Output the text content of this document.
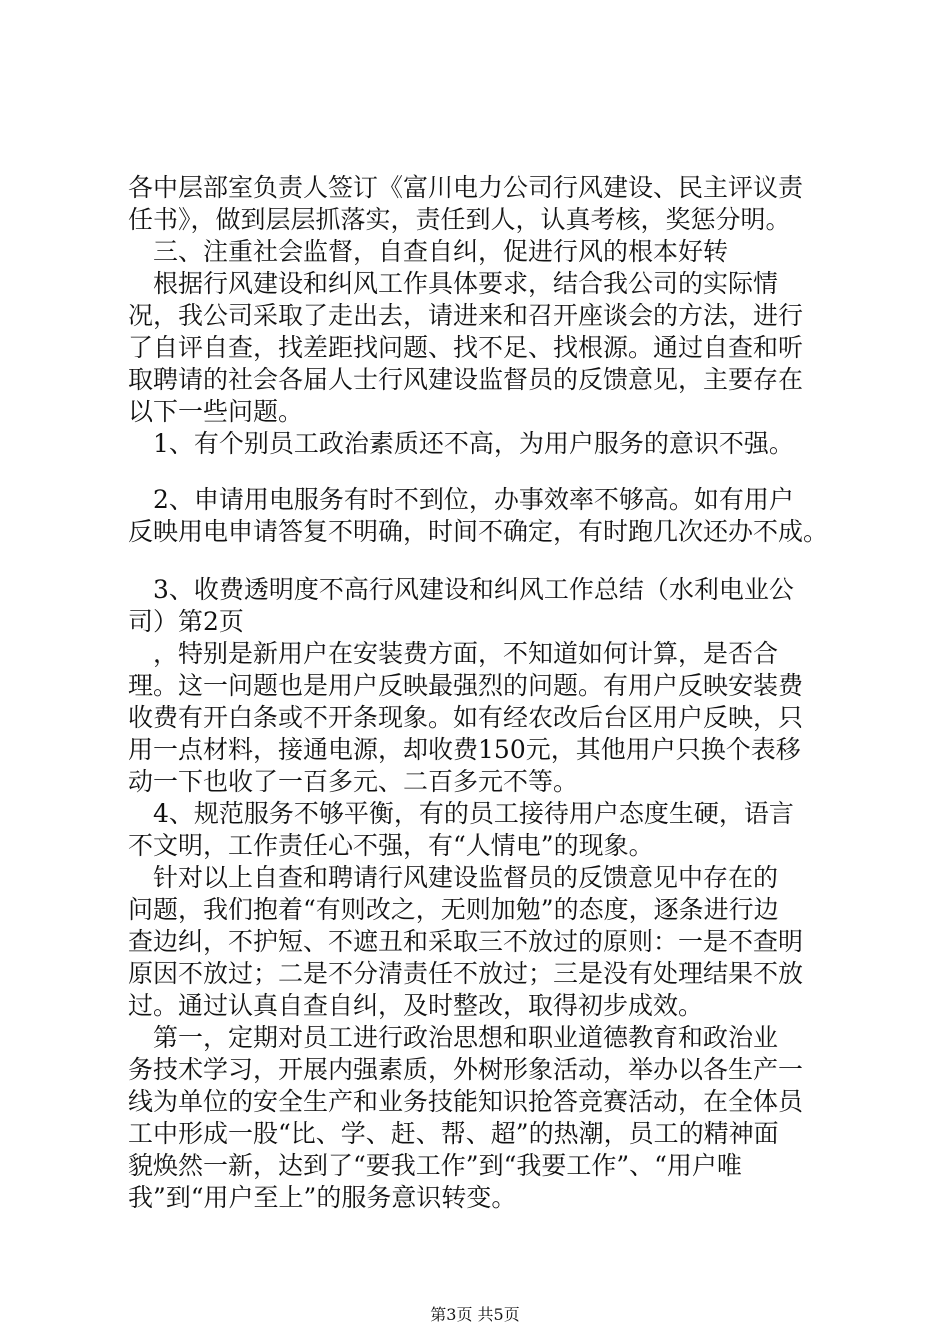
各中层部室负责人签订《富川电力公司行风建设、民主评议责

任书》，做到层层抓落实，责任到人，认真考核，奖惩分明。

　三、注重社会监督，自查自纠，促进行风的根本好转

　根据行风建设和纠风工作具体要求，结合我公司的实际情

况，我公司采取了走出去，请进来和召开座谈会的方法，进行

了自评自查，找差距找问题、找不足、找根源。通过自查和听

取聘请的社会各届人士行风建设监督员的反馈意见，主要存在

以下一些问题。

　1、有个别员工政治素质还不高，为用户服务的意识不强。

　2、申请用电服务有时不到位，办事效率不够高。如有用户

反映用电申请答复不明确，时间不确定，有时跑几次还办不成。

　3、收费透明度不高行风建设和纠风工作总结（水利电业公

司）第2页

　，特别是新用户在安装费方面，不知道如何计算，是否合

理。这一问题也是用户反映最强烈的问题。有用户反映安装费

收费有开白条或不开条现象。如有经农改后台区用户反映，只

用一点材料，接通电源，却收费150元，其他用户只换个表移

动一下也收了一百多元、二百多元不等。

　4、规范服务不够平衡，有的员工接待用户态度生硬，语言

不文明，工作责任心不强，有“人情电”的现象。

　针对以上自查和聘请行风建设监督员的反馈意见中存在的

问题，我们抱着“有则改之，无则加勉”的态度，逐条进行边

查边纠，不护短、不遮丑和采取三不放过的原则：一是不查明

原因不放过；二是不分清责任不放过；三是没有处理结果不放

过。通过认真自查自纠，及时整改，取得初步成效。

　第一，定期对员工进行政治思想和职业道德教育和政治业

务技术学习，开展内强素质，外树形象活动，举办以各生产一

线为单位的安全生产和业务技能知识抢答竞赛活动，在全体员

工中形成一股“比、学、赶、帮、超”的热潮，员工的精神面

貌焕然一新，达到了“要我工作”到“我要工作”、“用户唯

我”到“用户至上”的服务意识转变。

第3页 共5页
